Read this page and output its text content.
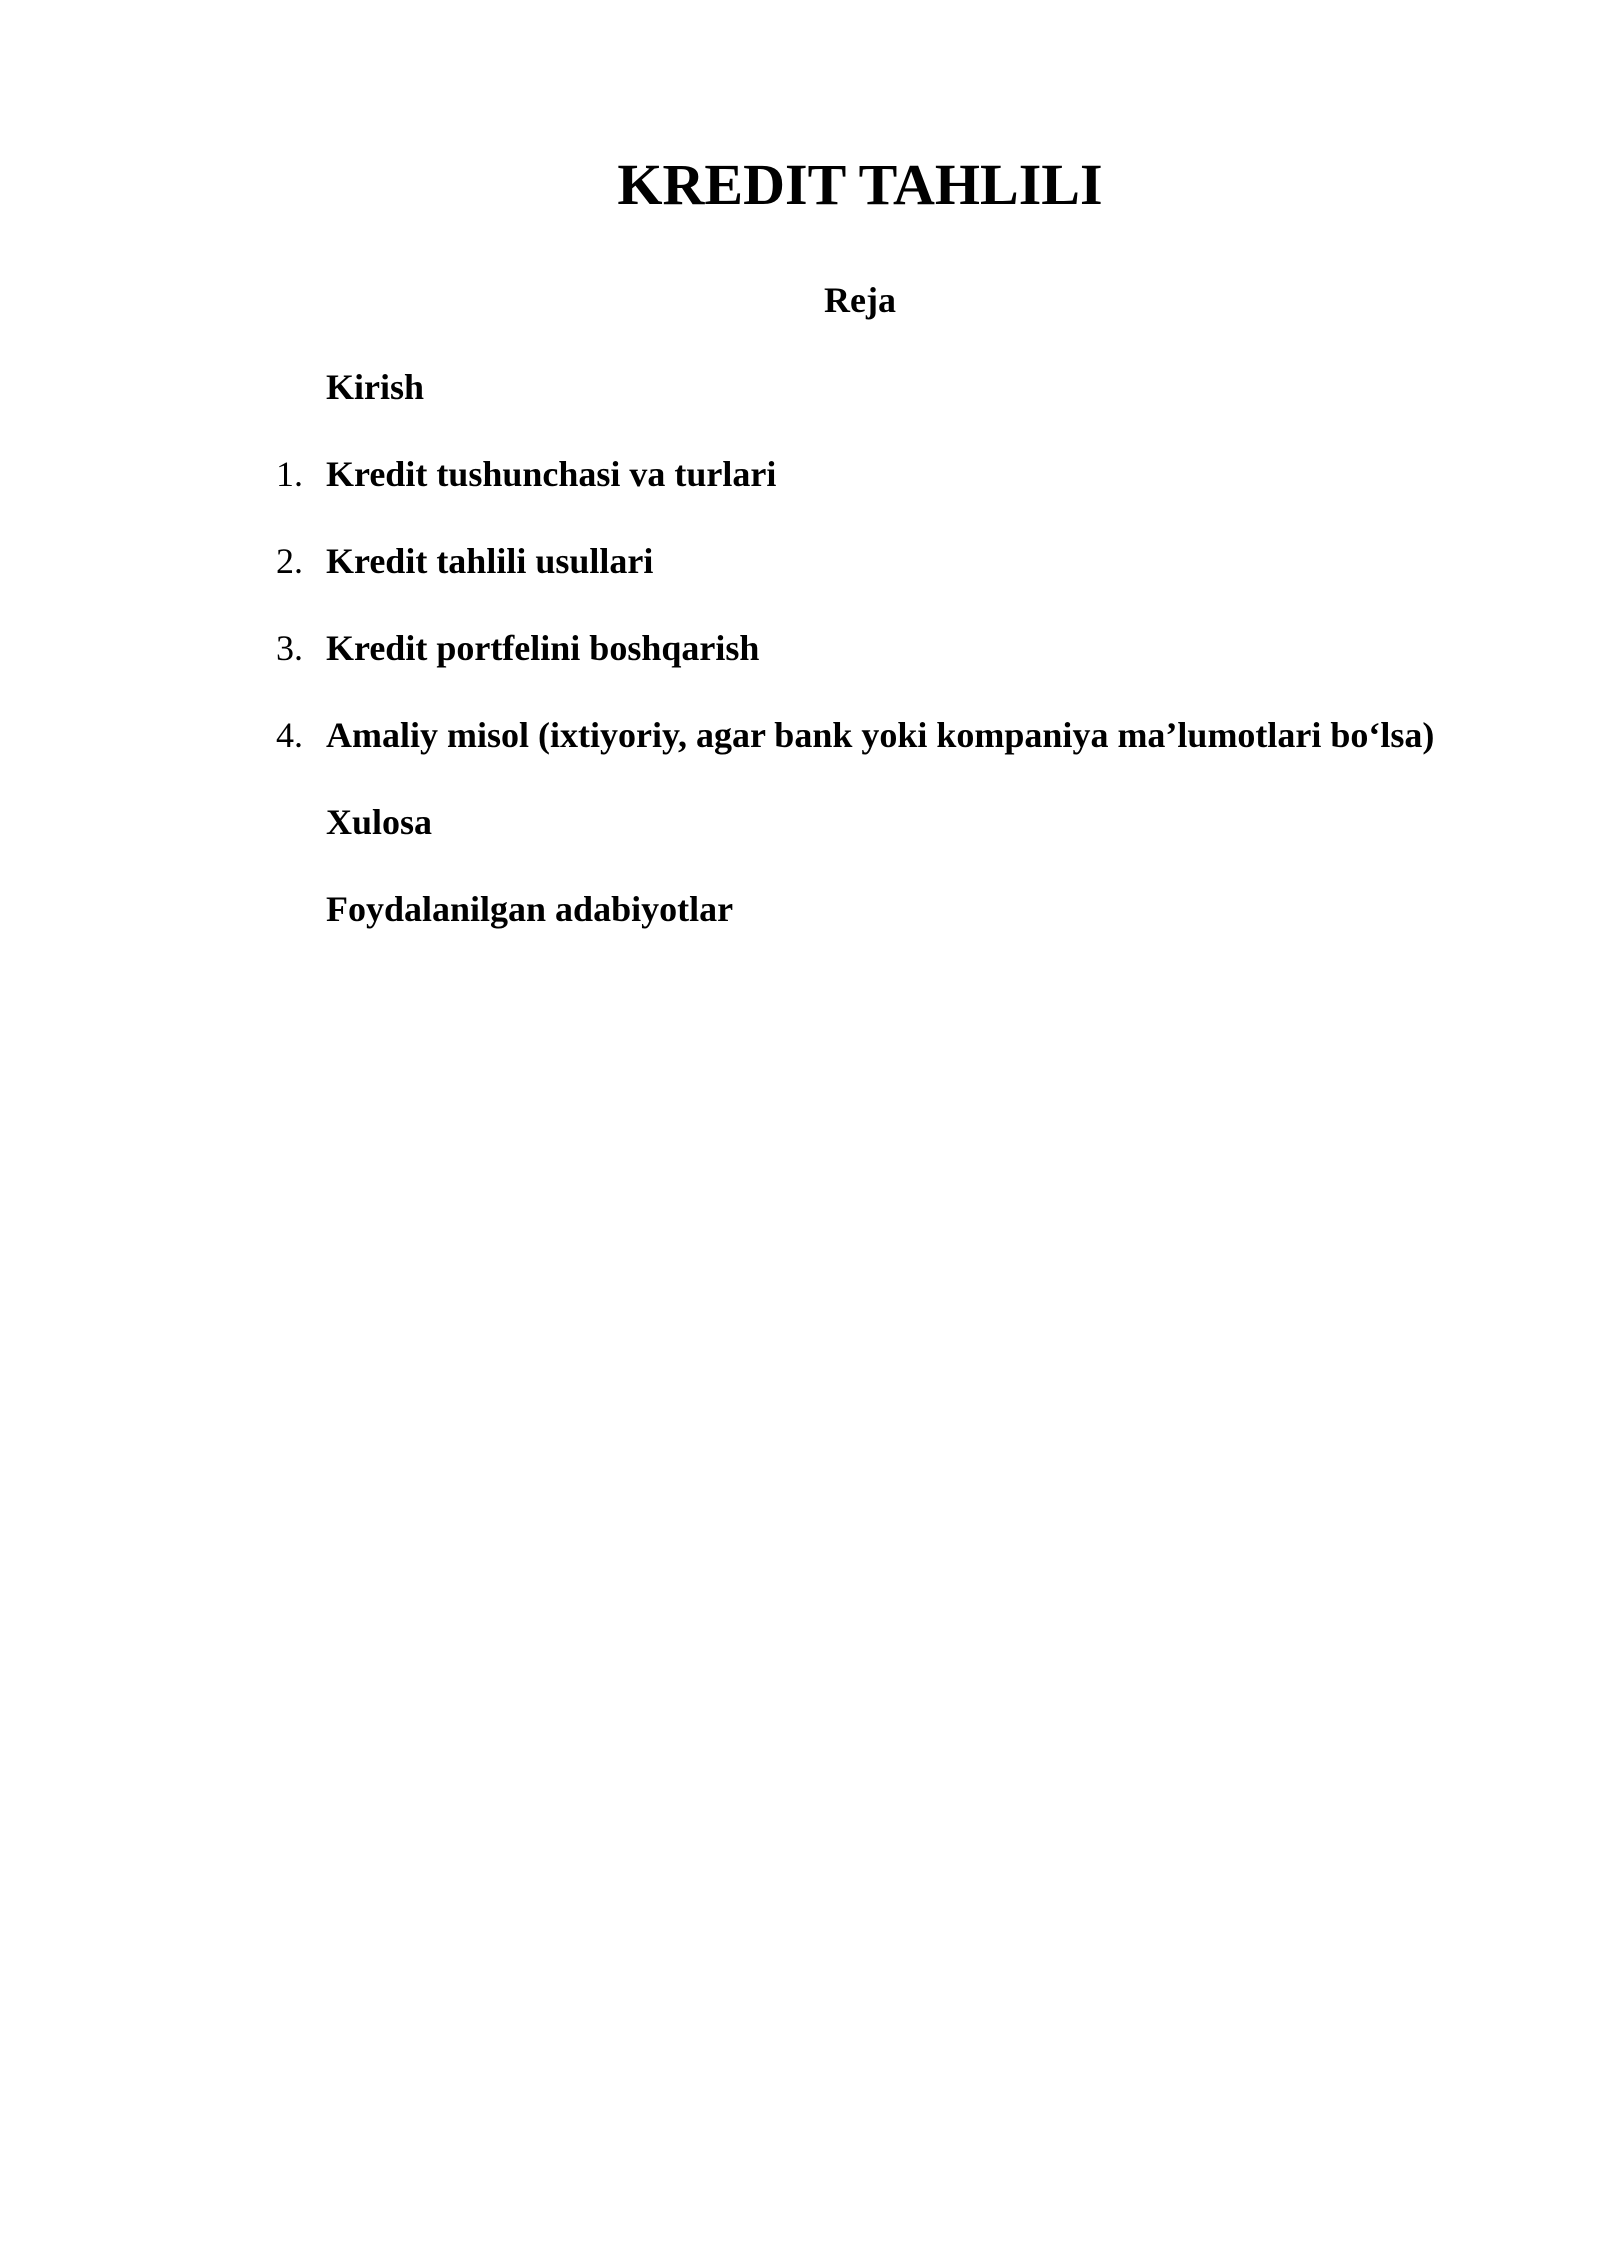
KREDIT TAHLILI
Reja
Kirish
1. Kredit tushunchasi va turlari
2. Kredit tahlili usullari
3. Kredit portfelini boshqarish
4. Amaliy misol (ixtiyoriy, agar bank yoki kompaniya ma’lumotlari bo‘lsa)
Xulosa
Foydalanilgan adabiyotlar
